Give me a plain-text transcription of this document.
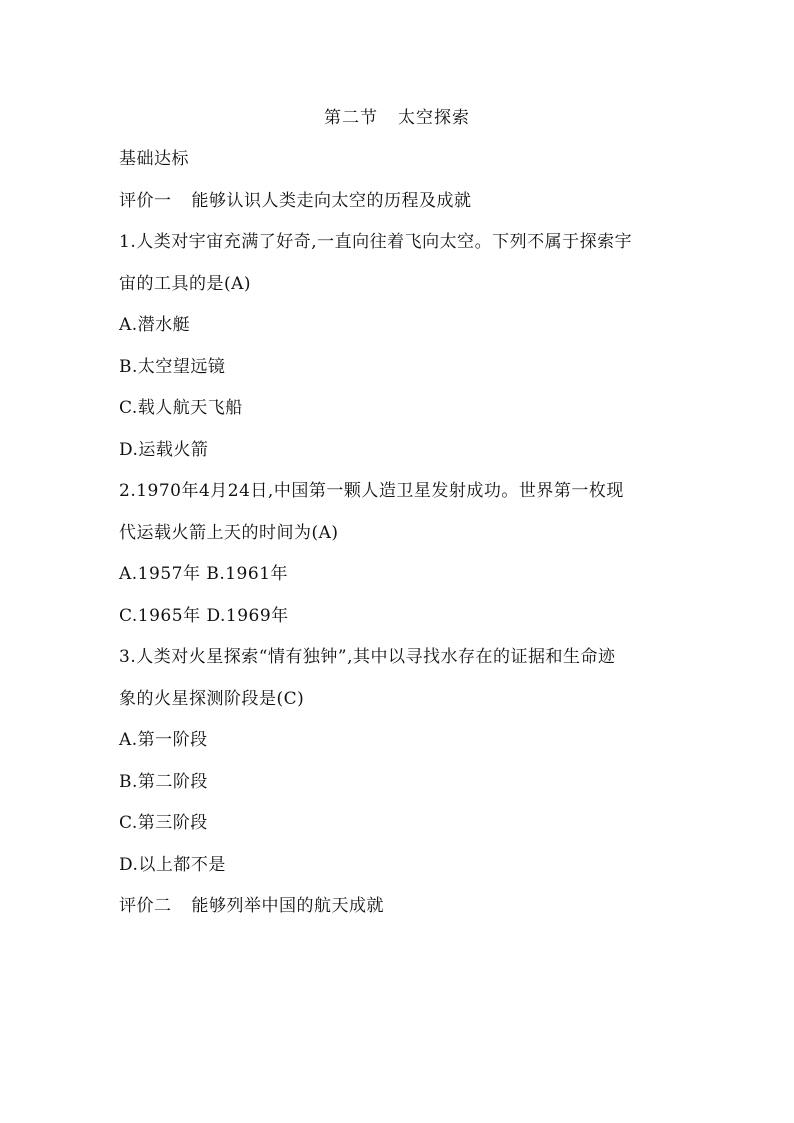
第二节 太空探索
基础达标
评价一 能够认识人类走向太空的历程及成就
1.人类对宇宙充满了好奇,一直向往着飞向太空。下列不属于探索宇
宙的工具的是(A)
A.潜水艇
B.太空望远镜
C.载人航天飞船
D.运载火箭
2.1970年4月24日,中国第一颗人造卫星发射成功。世界第一枚现
代运载火箭上天的时间为(A)
A.1957年 B.1961年
C.1965年 D.1969年
3.人类对火星探索“情有独钟”,其中以寻找水存在的证据和生命迹
象的火星探测阶段是(C)
A.第一阶段
B.第二阶段
C.第三阶段
D.以上都不是
评价二 能够列举中国的航天成就
